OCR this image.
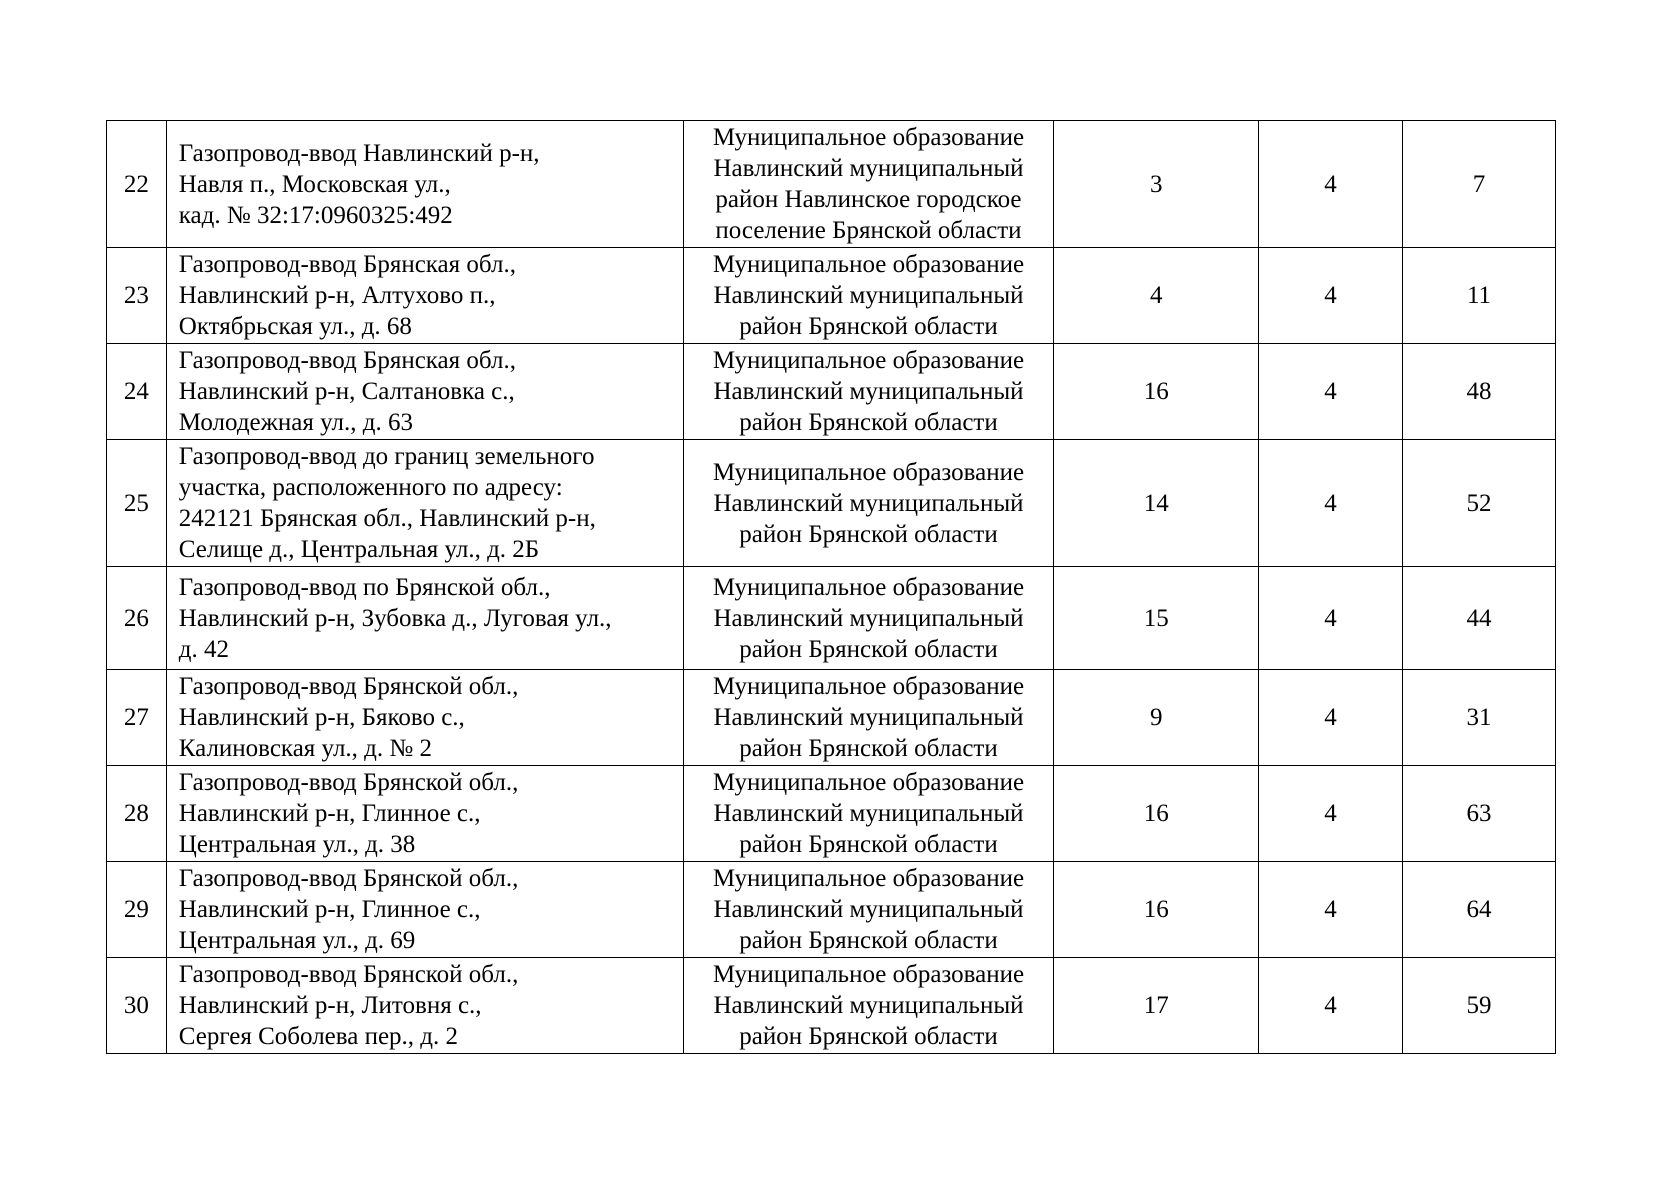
22	Газопровод-ввод Навлинский р-н,
Навля п., Московская ул.,
кад. № 32:17:0960325:492	Муниципальное образование
Навлинский муниципальный
район Навлинское городское
поселение Брянской области	3	4	7
23	Газопровод-ввод Брянская обл.,
Навлинский р-н, Алтухово п.,
Октябрьская ул., д. 68	Муниципальное образование
Навлинский муниципальный
район Брянской области	4	4	11
24	Газопровод-ввод Брянская обл.,
Навлинский р-н, Салтановка с.,
Молодежная ул., д. 63	Муниципальное образование
Навлинский муниципальный
район Брянской области	16	4	48
25	Газопровод-ввод до границ земельного
участка, расположенного по адресу:
242121 Брянская обл., Навлинский р-н,
Селище д., Центральная ул., д. 2Б	Муниципальное образование
Навлинский муниципальный
район Брянской области	14	4	52
26	Газопровод-ввод по Брянской обл.,
Навлинский р-н, Зубовка д., Луговая ул.,
д. 42	Муниципальное образование
Навлинский муниципальный
район Брянской области	15	4	44
27	Газопровод-ввод Брянской обл.,
Навлинский р-н, Бяково с.,
Калиновская ул., д. № 2	Муниципальное образование
Навлинский муниципальный
район Брянской области	9	4	31
28	Газопровод-ввод Брянской обл.,
Навлинский р-н, Глинное с.,
Центральная ул., д. 38	Муниципальное образование
Навлинский муниципальный
район Брянской области	16	4	63
29	Газопровод-ввод Брянской обл.,
Навлинский р-н, Глинное с.,
Центральная ул., д. 69	Муниципальное образование
Навлинский муниципальный
район Брянской области	16	4	64
30	Газопровод-ввод Брянской обл.,
Навлинский р-н, Литовня с.,
Сергея Соболева пер., д. 2	Муниципальное образование
Навлинский муниципальный
район Брянской области	17	4	59
